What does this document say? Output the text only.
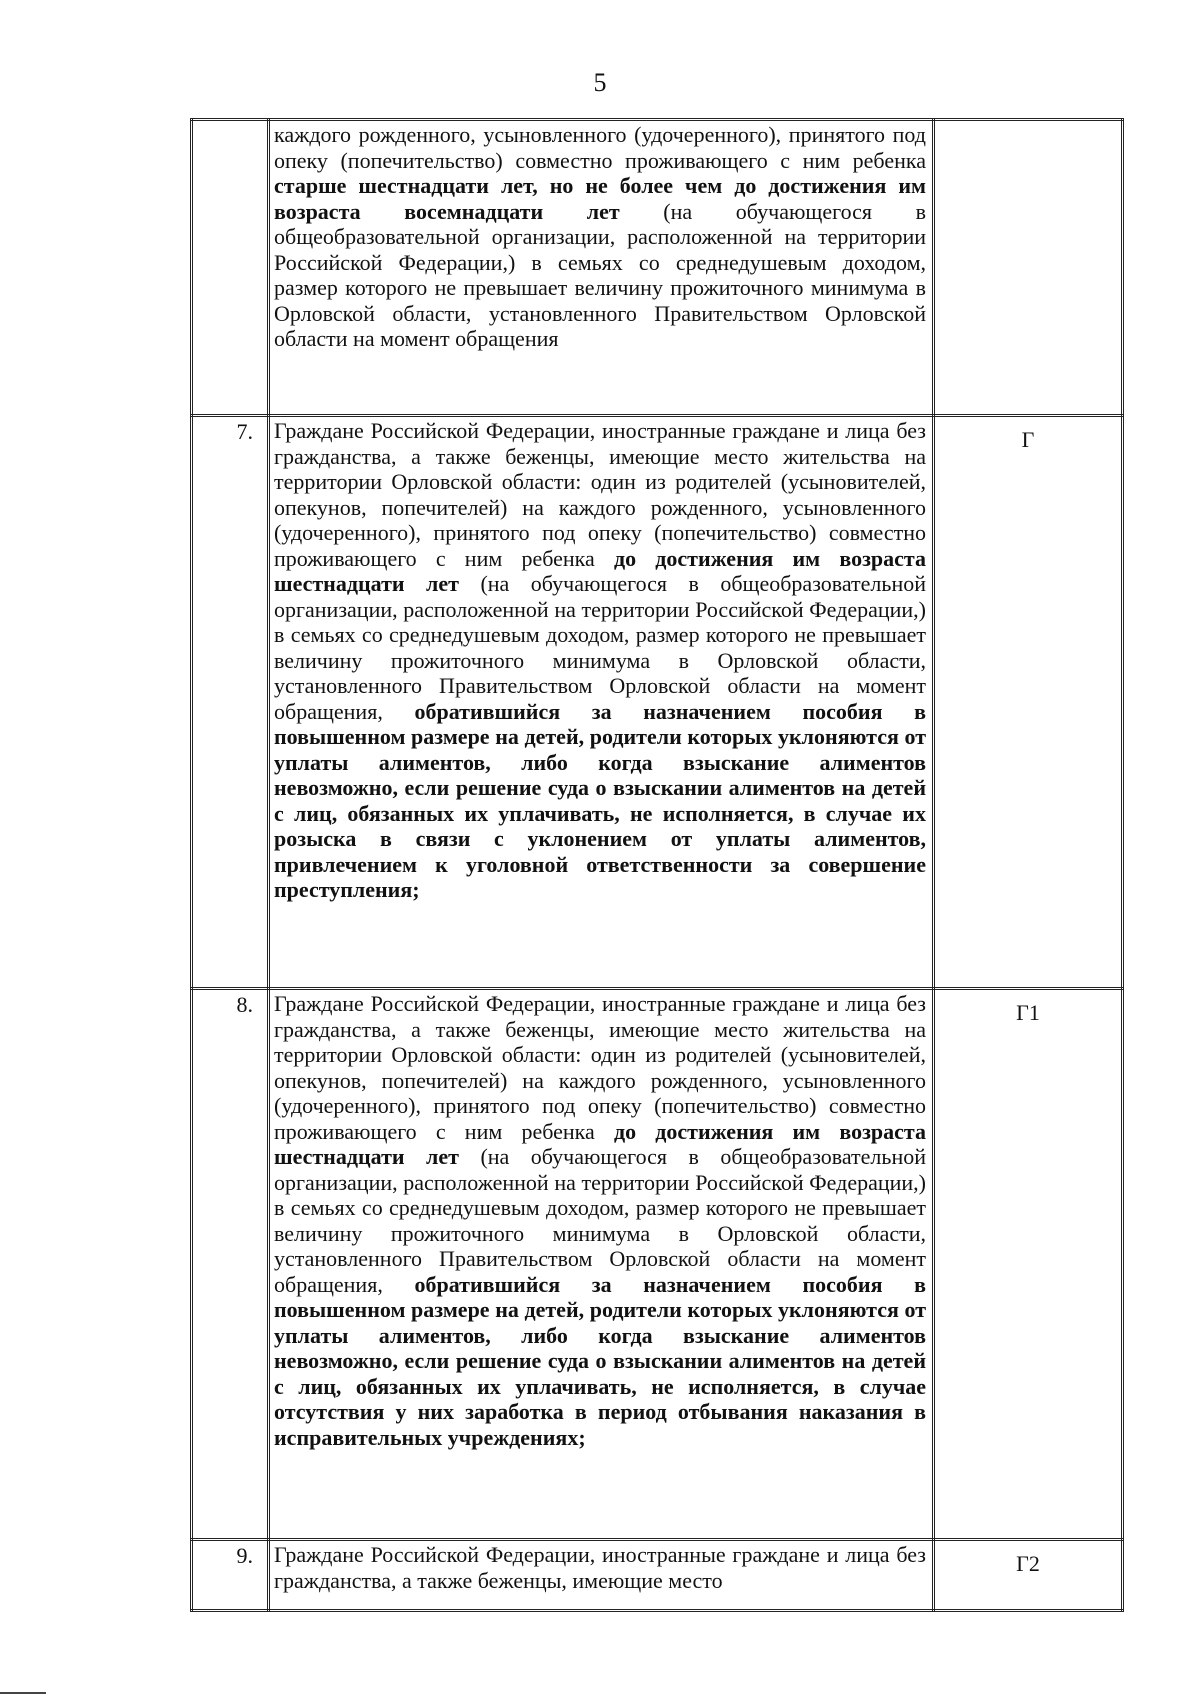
5
	каждого рожденного, усыновленного (удочеренного), принятого под опеку (попечительство) совместно проживающего с ним ребенка старше шестнадцати лет, но не более чем до достижения им возраста восемнадцати лет (на обучающегося в общеобразовательной организации, расположенной на территории Российской Федерации,) в семьях со среднедушевым доходом, размер которого не превышает величину прожиточного минимума в Орловской области, установленного Правительством Орловской области на момент обращения	
7.	Граждане Российской Федерации, иностранные граждане и лица без гражданства, а также беженцы, имеющие место жительства на территории Орловской области: один из родителей (усыновителей, опекунов, попечителей) на каждого рожденного, усыновленного (удочеренного), принятого под опеку (попечительство) совместно проживающего с ним ребенка до достижения им возраста шестнадцати лет (на обучающегося в общеобразовательной организации, расположенной на территории Российской Федерации,) в семьях со среднедушевым доходом, размер которого не превышает величину прожиточного минимума в Орловской области, установленного Правительством Орловской области на момент обращения, обратившийся за назначением пособия в повышенном размере на детей, родители которых уклоняются от уплаты алиментов, либо когда взыскание алиментов невозможно, если решение суда о взыскании алиментов на детей с лиц, обязанных их уплачивать, не исполняется, в случае их розыска в связи с уклонением от уплаты алиментов, привлечением к уголовной ответственности за совершение преступления;	Г
8.	Граждане Российской Федерации, иностранные граждане и лица без гражданства, а также беженцы, имеющие место жительства на территории Орловской области: один из родителей (усыновителей, опекунов, попечителей) на каждого рожденного, усыновленного (удочеренного), принятого под опеку (попечительство) совместно проживающего с ним ребенка до достижения им возраста шестнадцати лет (на обучающегося в общеобразовательной организации, расположенной на территории Российской Федерации,) в семьях со среднедушевым доходом, размер которого не превышает величину прожиточного минимума в Орловской области, установленного Правительством Орловской области на момент обращения, обратившийся за назначением пособия в повышенном размере на детей, родители которых уклоняются от уплаты алиментов, либо когда взыскание алиментов невозможно, если решение суда о взыскании алиментов на детей с лиц, обязанных их уплачивать, не исполняется, в случае отсутствия у них заработка в период отбывания наказания в исправительных учреждениях;	Г1
9.	Граждане Российской Федерации, иностранные граждане и лица без гражданства, а также беженцы, имеющие место	Г2
